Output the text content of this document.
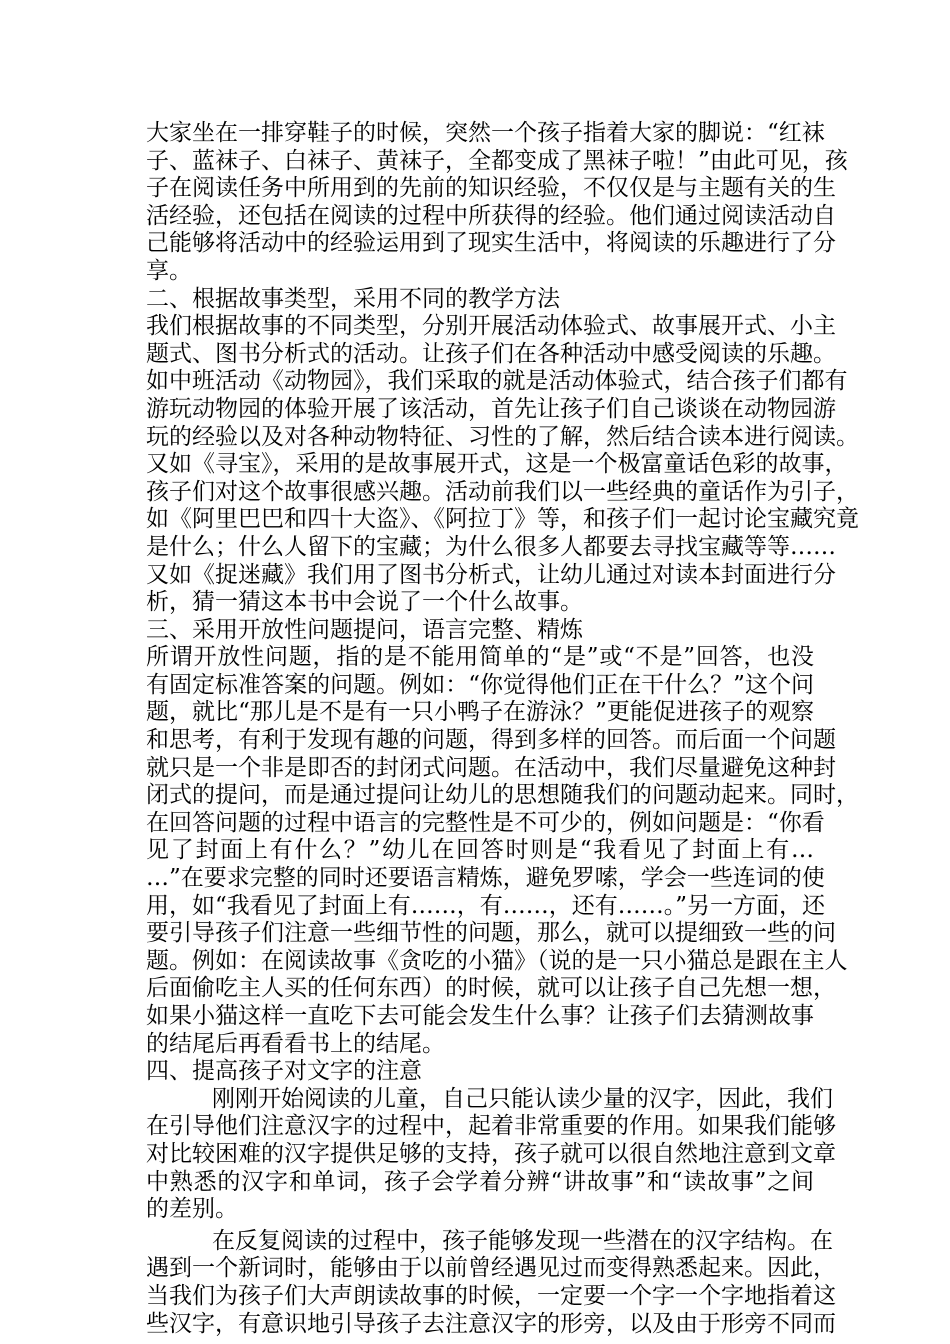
大家坐在一排穿鞋子的时候，突然一个孩子指着大家的脚说：“红袜
子、蓝袜子、白袜子、黄袜子，全都变成了黑袜子啦！”由此可见，孩
子在阅读任务中所用到的先前的知识经验，不仅仅是与主题有关的生
活经验，还包括在阅读的过程中所获得的经验。他们通过阅读活动自
己能够将活动中的经验运用到了现实生活中，将阅读的乐趣进行了分
享。
二、根据故事类型，采用不同的教学方法
我们根据故事的不同类型，分别开展活动体验式、故事展开式、小主
题式、图书分析式的活动。让孩子们在各种活动中感受阅读的乐趣。
如中班活动《动物园》，我们采取的就是活动体验式，结合孩子们都有
游玩动物园的体验开展了该活动，首先让孩子们自己谈谈在动物园游
玩的经验以及对各种动物特征、习性的了解，然后结合读本进行阅读。
又如《寻宝》，采用的是故事展开式，这是一个极富童话色彩的故事，
孩子们对这个故事很感兴趣。活动前我们以一些经典的童话作为引子，
如《阿里巴巴和四十大盗》、《阿拉丁》等，和孩子们一起讨论宝藏究竟
是什么；什么人留下的宝藏；为什么很多人都要去寻找宝藏等等……
又如《捉迷藏》我们用了图书分析式，让幼儿通过对读本封面进行分
析，猜一猜这本书中会说了一个什么故事。
三、采用开放性问题提问，语言完整、精炼
所谓开放性问题，指的是不能用简单的“是”或“不是”回答，也没
有固定标准答案的问题。例如：“你觉得他们正在干什么？”这个问
题，就比“那儿是不是有一只小鸭子在游泳？”更能促进孩子的观察
和思考，有利于发现有趣的问题，得到多样的回答。而后面一个问题
就只是一个非是即否的封闭式问题。在活动中，我们尽量避免这种封
闭式的提问，而是通过提问让幼儿的思想随我们的问题动起来。同时，
在回答问题的过程中语言的完整性是不可少的，例如问题是：“你看
见了封面上有什么？”幼儿在回答时则是“我看见了封面上有…
…”在要求完整的同时还要语言精炼，避免罗嗦，学会一些连词的使
用，如“我看见了封面上有……，有……，还有……。”另一方面，还
要引导孩子们注意一些细节性的问题，那么，就可以提细致一些的问
题。例如：在阅读故事《贪吃的小猫》（说的是一只小猫总是跟在主人
后面偷吃主人买的任何东西）的时候，就可以让孩子自己先想一想，
如果小猫这样一直吃下去可能会发生什么事？让孩子们去猜测故事
的结尾后再看看书上的结尾。
四、提高孩子对文字的注意
刚刚开始阅读的儿童，自己只能认读少量的汉字，因此，我们
在引导他们注意汉字的过程中，起着非常重要的作用。如果我们能够
对比较困难的汉字提供足够的支持，孩子就可以很自然地注意到文章
中熟悉的汉字和单词，孩子会学着分辨“讲故事”和“读故事”之间
的差别。
在反复阅读的过程中，孩子能够发现一些潜在的汉字结构。在
遇到一个新词时，能够由于以前曾经遇见过而变得熟悉起来。因此，
当我们为孩子们大声朗读故事的时候，一定要一个字一个字地指着这
些汉字，有意识地引导孩子去注意汉字的形旁，以及由于形旁不同而
